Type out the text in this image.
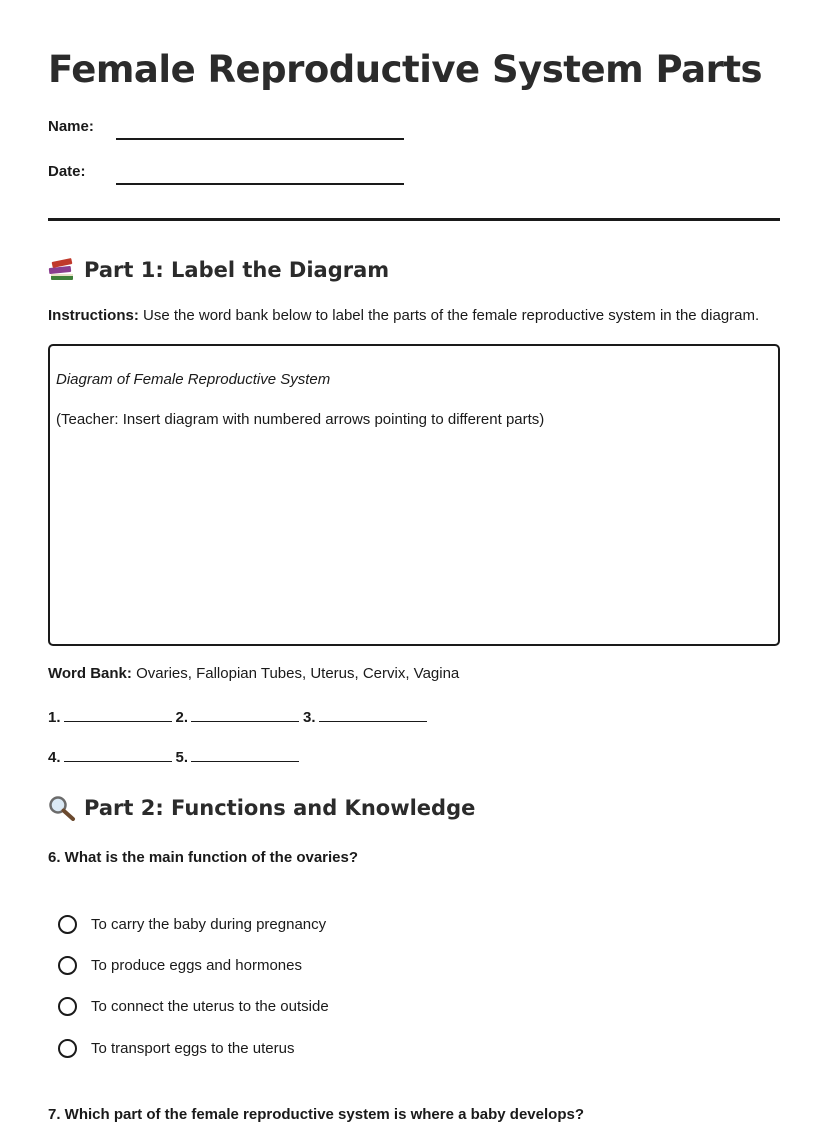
Female Reproductive System Parts
Name:
Date:
Part 1: Label the Diagram
Instructions: Use the word bank below to label the parts of the female reproductive system in the diagram.
Diagram of Female Reproductive System
(Teacher: Insert diagram with numbered arrows pointing to different parts)
Word Bank: Ovaries, Fallopian Tubes, Uterus, Cervix, Vagina
1.	2.	3.
4.	5.
Part 2: Functions and Knowledge
6. What is the main function of the ovaries?
To carry the baby during pregnancy
To produce eggs and hormones
To connect the uterus to the outside
To transport eggs to the uterus
7. Which part of the female reproductive system is where a baby develops?
